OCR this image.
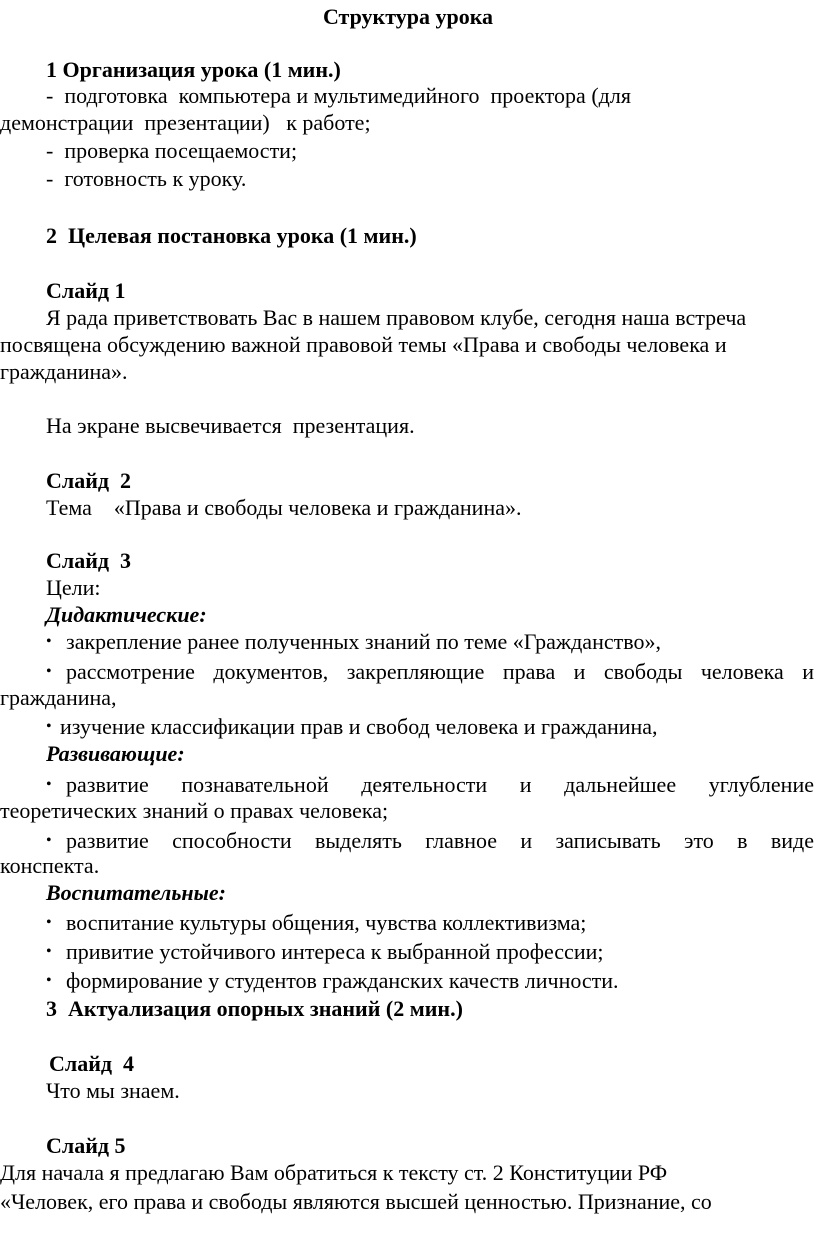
Структура урока
1 Организация урока (1 мин.)
-  подготовка  компьютера и мультимедийного  проектора (для
демонстрации  презентации)   к работе;
-  проверка посещаемости;
-  готовность к уроку.
2  Целевая постановка урока (1 мин.)
Слайд 1
Я рада приветствовать Вас в нашем правовом клубе, сегодня наша встреча
посвящена обсуждению важной правовой темы «Права и свободы человека и
гражданина».
На экране высвечивается  презентация.
Слайд  2
Тема    «Права и свободы человека и гражданина».
Слайд  3
Цели:
Дидактические:
• закрепление ранее полученных знаний по теме «Гражданство»,
• рассмотрение документов, закрепляющие права и свободы человека и
гражданина,
• изучение классификации прав и свобод человека и гражданина,
Развивающие:
• развитие познавательной деятельности и дальнейшее углубление
теоретических знаний о правах человека;
• развитие способности выделять главное и записывать это в виде
конспекта.
Воспитательные:
• воспитание культуры общения, чувства коллективизма;
• привитие устойчивого интереса к выбранной профессии;
• формирование у студентов гражданских качеств личности.
3  Актуализация опорных знаний (2 мин.)
Слайд  4
Что мы знаем.
Слайд 5
Для начала я предлагаю Вам обратиться к тексту ст. 2 Конституции РФ
«Человек, его права и свободы являются высшей ценностью. Признание, со
